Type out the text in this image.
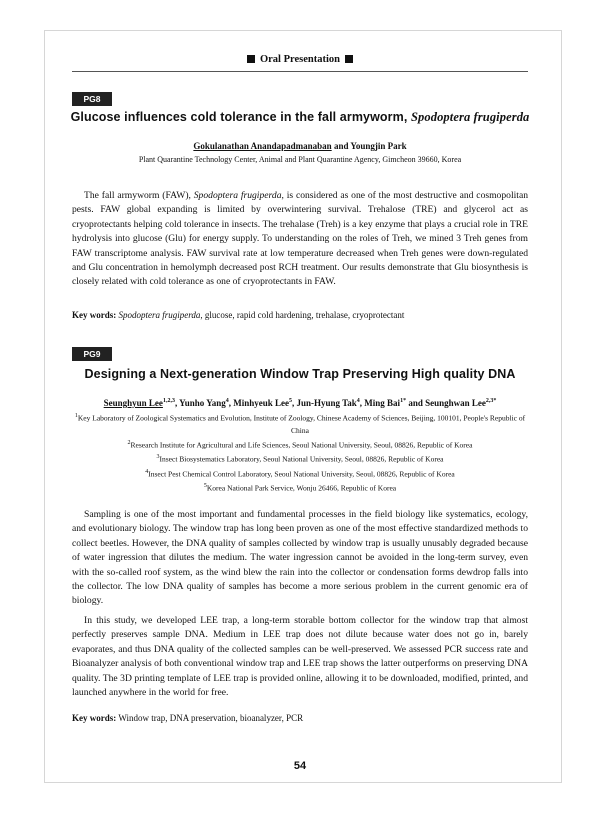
Oral Presentation
PG8
Glucose influences cold tolerance in the fall armyworm, Spodoptera frugiperda
Gokulanathan Anandapadmanaban and Youngjin Park
Plant Quarantine Technology Center, Animal and Plant Quarantine Agency, Gimcheon 39660, Korea

The fall armyworm (FAW), Spodoptera frugiperda, is considered as one of the most destructive and cosmopolitan pests. FAW global expanding is limited by overwintering survival. Trehalose (TRE) and glycerol act as cryoprotectants helping cold tolerance in insects. The trehalase (Treh) is a key enzyme that plays a crucial role in TRE hydrolysis into glucose (Glu) for energy supply. To understanding on the roles of Treh, we mined 3 Treh genes from FAW transcriptome analysis. FAW survival rate at low temperature decreased when Treh genes were down-regulated and Glu concentration in hemolymph decreased post RCH treatment. Our results demonstrate that Glu biosynthesis is closely related with cold tolerance as one of cryoprotectants in FAW.

Key words: Spodoptera frugiperda, glucose, rapid cold hardening, trehalase, cryoprotectant

PG9
Designing a Next-generation Window Trap Preserving High quality DNA
Seunghyun Lee$^{1,2,3}$, Yunho Yang$^4$, Minhyeuk Lee$^5$, Jun-Hyung Tak$^4$, Ming Bai$^{1*}$ and Seunghwan Lee$^{2,3*}$
$^1$Key Laboratory of Zoological Systematics and Evolution, Institute of Zoology, Chinese Academy of Sciences, Beijing, 100101, People's Republic of China
$^2$Research Institute for Agricultural and Life Sciences, Seoul National University, Seoul, 08826, Republic of Korea
$^3$Insect Biosystematics Laboratory, Seoul National University, Seoul, 08826, Republic of Korea
$^4$Insect Pest Chemical Control Laboratory, Seoul National University, Seoul, 08826, Republic of Korea
$^5$Korea National Park Service, Wonju 26466, Republic of Korea

Sampling is one of the most important and fundamental processes in the field biology like systematics, ecology, and evolutionary biology. The window trap has long been proven as one of the most effective standardized methods to collect beetles. However, the DNA quality of samples collected by window trap is usually unusably degraded because of water ingression that dilutes the medium. The water ingression cannot be avoided in the long-term survey, even with the so-called roof system, as the wind blew the rain into the collector or condensation forms dewdrop falls into the collector. The low DNA quality of samples has become a more serious problem in the current genomic era of biology.

In this study, we developed LEE trap, a long-term storable bottom collector for the window trap that almost perfectly preserves sample DNA. Medium in LEE trap does not dilute because water does not go in, barely evaporates, and thus DNA quality of the collected samples can be well-preserved. We assessed PCR success rate and Bioanalyzer analysis of both conventional window trap and LEE trap shows the latter outperforms on preserving DNA quality. The 3D printing template of LEE trap is provided online, allowing it to be downloaded, modified, printed, and launched anywhere in the world for free.

Key words: Window trap, DNA preservation, bioanalyzer, PCR

54
